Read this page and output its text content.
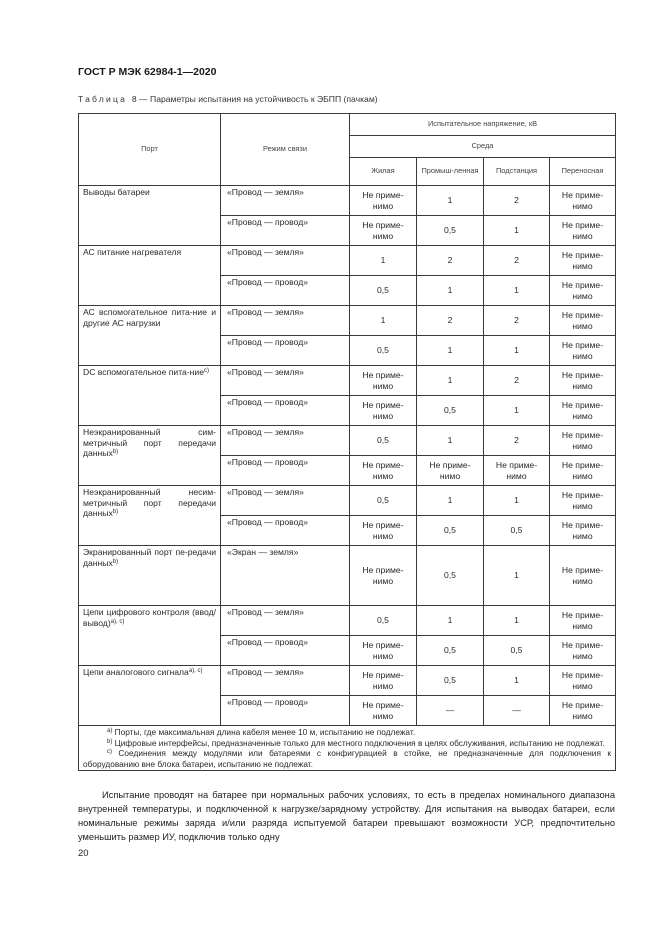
ГОСТ Р МЭК 62984-1—2020
Таблица 8 — Параметры испытания на устойчивость к ЭБПП (пачкам)
Порт	Режим связи	Испытательное напряжение, кВ			
		Среда			
		Жилая	Промыш-ленная	Подстанция	Переносная
Выводы батареи	«Провод — земля»	Не приме-нимо	1	2	Не приме-нимо
	«Провод — провод»	Не приме-нимо	0,5	1	Не приме-нимо
АС питание нагревателя	«Провод — земля»	1	2	2	Не приме-нимо
	«Провод — провод»	0,5	1	1	Не приме-нимо
АС вспомогательное пита-ние и другие АС нагрузки	«Провод — земля»	1	2	2	Не приме-нимо
	«Провод — провод»	0,5	1	1	Не приме-нимо
DC вспомогательное пита-ние$^{c)}$	«Провод — земля»	Не приме-нимо	1	2	Не приме-нимо
	«Провод — провод»	Не приме-нимо	0,5	1	Не приме-нимо
Неэкранированный сим-метричный порт передачи данных$^{b)}$	«Провод — земля»	0,5	1	2	Не приме-нимо
	«Провод — провод»	Не приме-нимо	Не приме-нимо	Не приме-нимо	Не приме-нимо
Неэкранированный несим-метричный порт передачи данных$^{b)}$	«Провод — земля»	0,5	1	1	Не приме-нимо
	«Провод — провод»	Не приме-нимо	0,5	0,5	Не приме-нимо
Экранированный порт пе-редачи данных$^{b)}$	«Экран — земля»	Не приме-нимо	0,5	1	Не приме-нимо
Цепи цифрового контроля (ввод/вывод)$^{a), c)}$	«Провод — земля»	0,5	1	1	Не приме-нимо
	«Провод — провод»	Не приме-нимо	0,5	0,5	Не приме-нимо
Цепи аналогового сигнала$^{a), c)}$	«Провод — земля»	Не приме-нимо	0,5	1	Не приме-нимо
	«Провод — провод»	Не приме-нимо	—	—	Не приме-нимо

$^{a)}$ Порты, где максимальная длина кабеля менее 10 м, испытанию не подлежат.
$^{b)}$ Цифровые интерфейсы, предназначенные только для местного подключения в целях обслуживания, испытанию не подлежат.
$^{c)}$ Соединения между модулями или батареями с конфигурацией в стойке, не предназначенные для подключения к оборудованию вне блока батареи, испытанию не подлежат.					
Испытание проводят на батарее при нормальных рабочих условиях, то есть в пределах номинального диапазона внутренней температуры, и подключенной к нагрузке/зарядному устройству. Для испытания на выводах батареи, если номинальные режимы заряда и/или разряда испытуемой батареи превышают возможности УСР, предпочтительно уменьшить размер ИУ, подключив только одну
20
